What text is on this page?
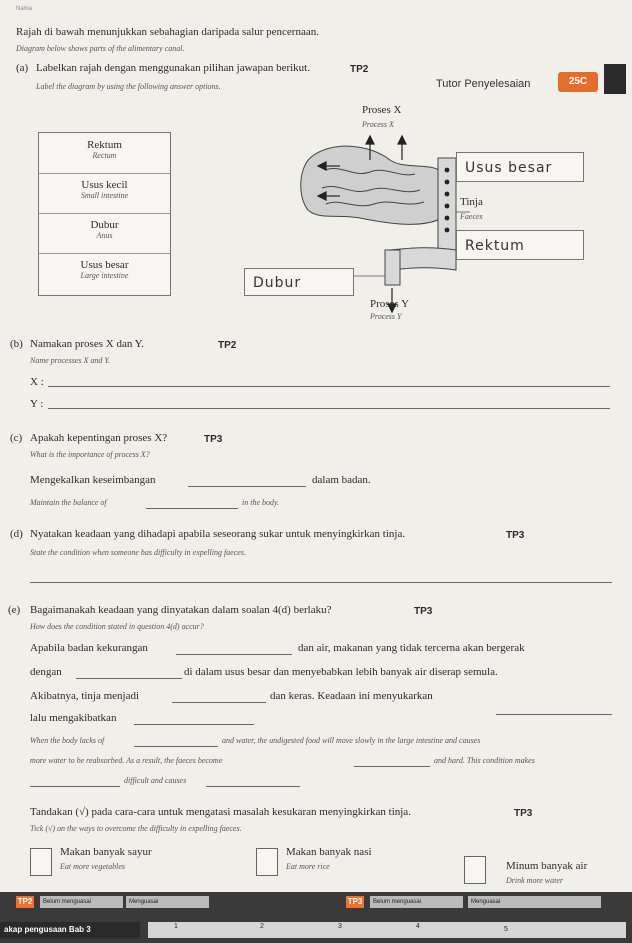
Nama
Rajah di bawah menunjukkan sebahagian daripada salur pencernaan.
Diagram below shows parts of the alimentary canal.
(a) Labelkan rajah dengan menggunakan pilihan jawapan berikut.	TP2
Label the diagram by using the following answer options.	Tutor Penyelesaian	25C
Rektum
Rectum
Usus kecil
Small intestine
Dubur
Anus
Usus besar
Large intestine
Proses X
Process X
Proses Y
Process Y
Tinja
Faeces
Usus besar
Rektum
Dubur
(b) Namakan proses X dan Y.	TP2
Name processes X and Y.
X :
Y :
(c) Apakah kepentingan proses X?	TP3
What is the importance of process X?
Mengekalkan keseimbangan	dalam badan.
Maintain the balance of	in the body.
(d) Nyatakan keadaan yang dihadapi apabila seseorang sukar untuk menyingkirkan tinja.	TP3
State the condition when someone has difficulty in expelling faeces.
(e) Bagaimanakah keadaan yang dinyatakan dalam soalan 4(d) berlaku?	TP3
How does the condition stated in question 4(d) occur?
Apabila badan kekurangan	dan air, makanan yang tidak tercerna akan bergerak
dengan	di dalam usus besar dan menyebabkan lebih banyak air diserap semula.
Akibatnya, tinja menjadi	dan keras. Keadaan ini menyukarkan
lalu mengakibatkan
When the body lacks of	and water, the undigested food will move slowly in the large intestine and causes
more water to be reabsorbed. As a result, the faeces become	and hard. This condition makes
difficult and causes
Tandakan (√) pada cara-cara untuk mengatasi masalah kesukaran menyingkirkan tinja.	TP3
Tick (√) on the ways to overcome the difficulty in expelling faeces.
Makan banyak sayur
Eat more vegetables
Makan banyak nasi
Eat more rice	Minum banyak air
Drink more water
TP2	Belum menguasai	Menguasai	TP3	Belum menguasai	Menguasai
akap pengusaan Bab 3	1	2	3	4	5
